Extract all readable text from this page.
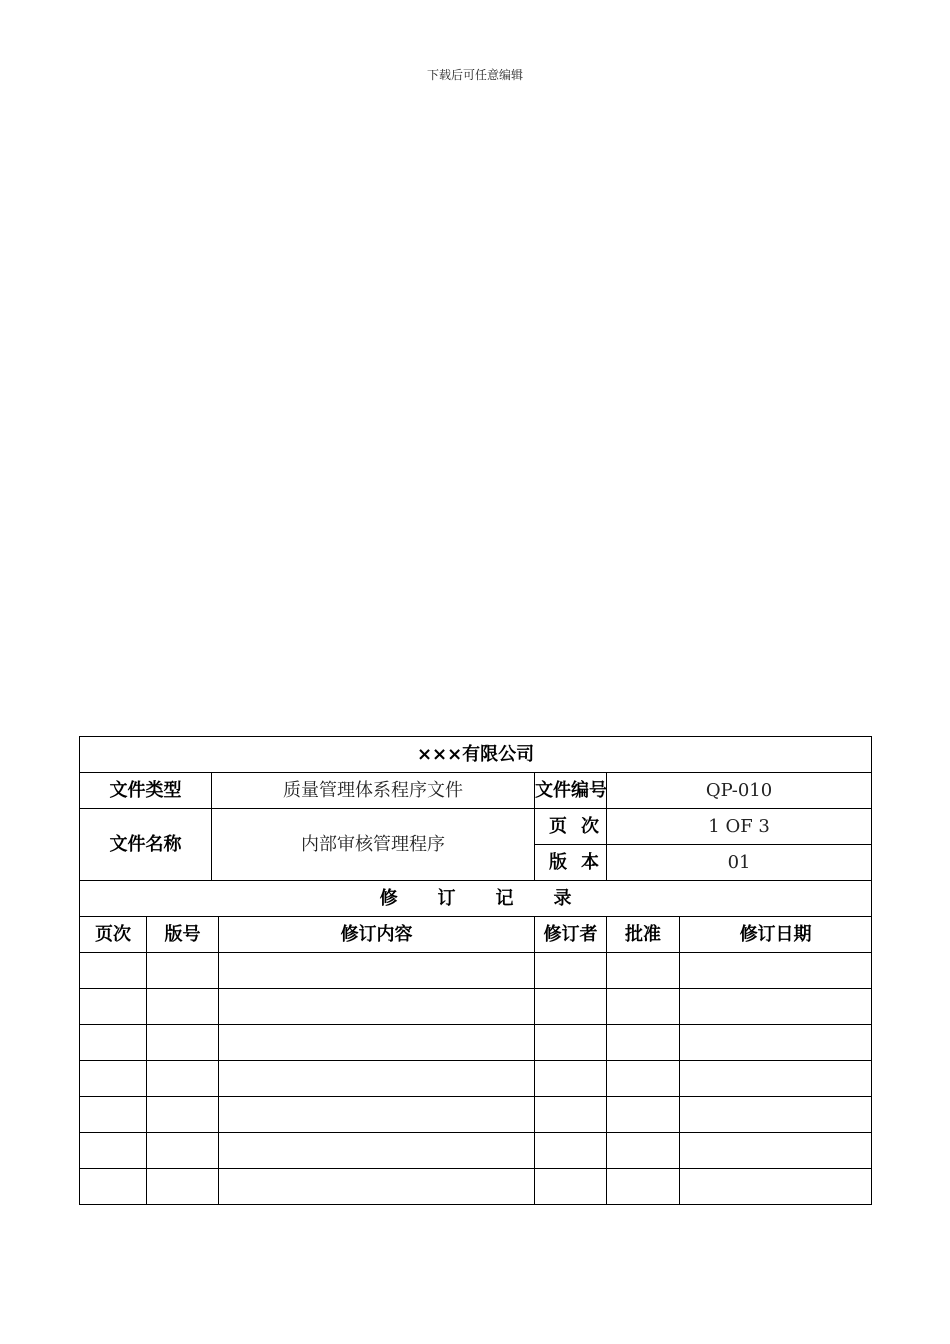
下载后可任意编辑
×××有限公司						
文件类型		质量管理体系程序文件		文件编号	QP-010	
文件名称		内部审核管理程序		页次	1 OF 3	
				版本	01	
修订记录						
页次	版号		修订内容	修订者	批准	修订日期
